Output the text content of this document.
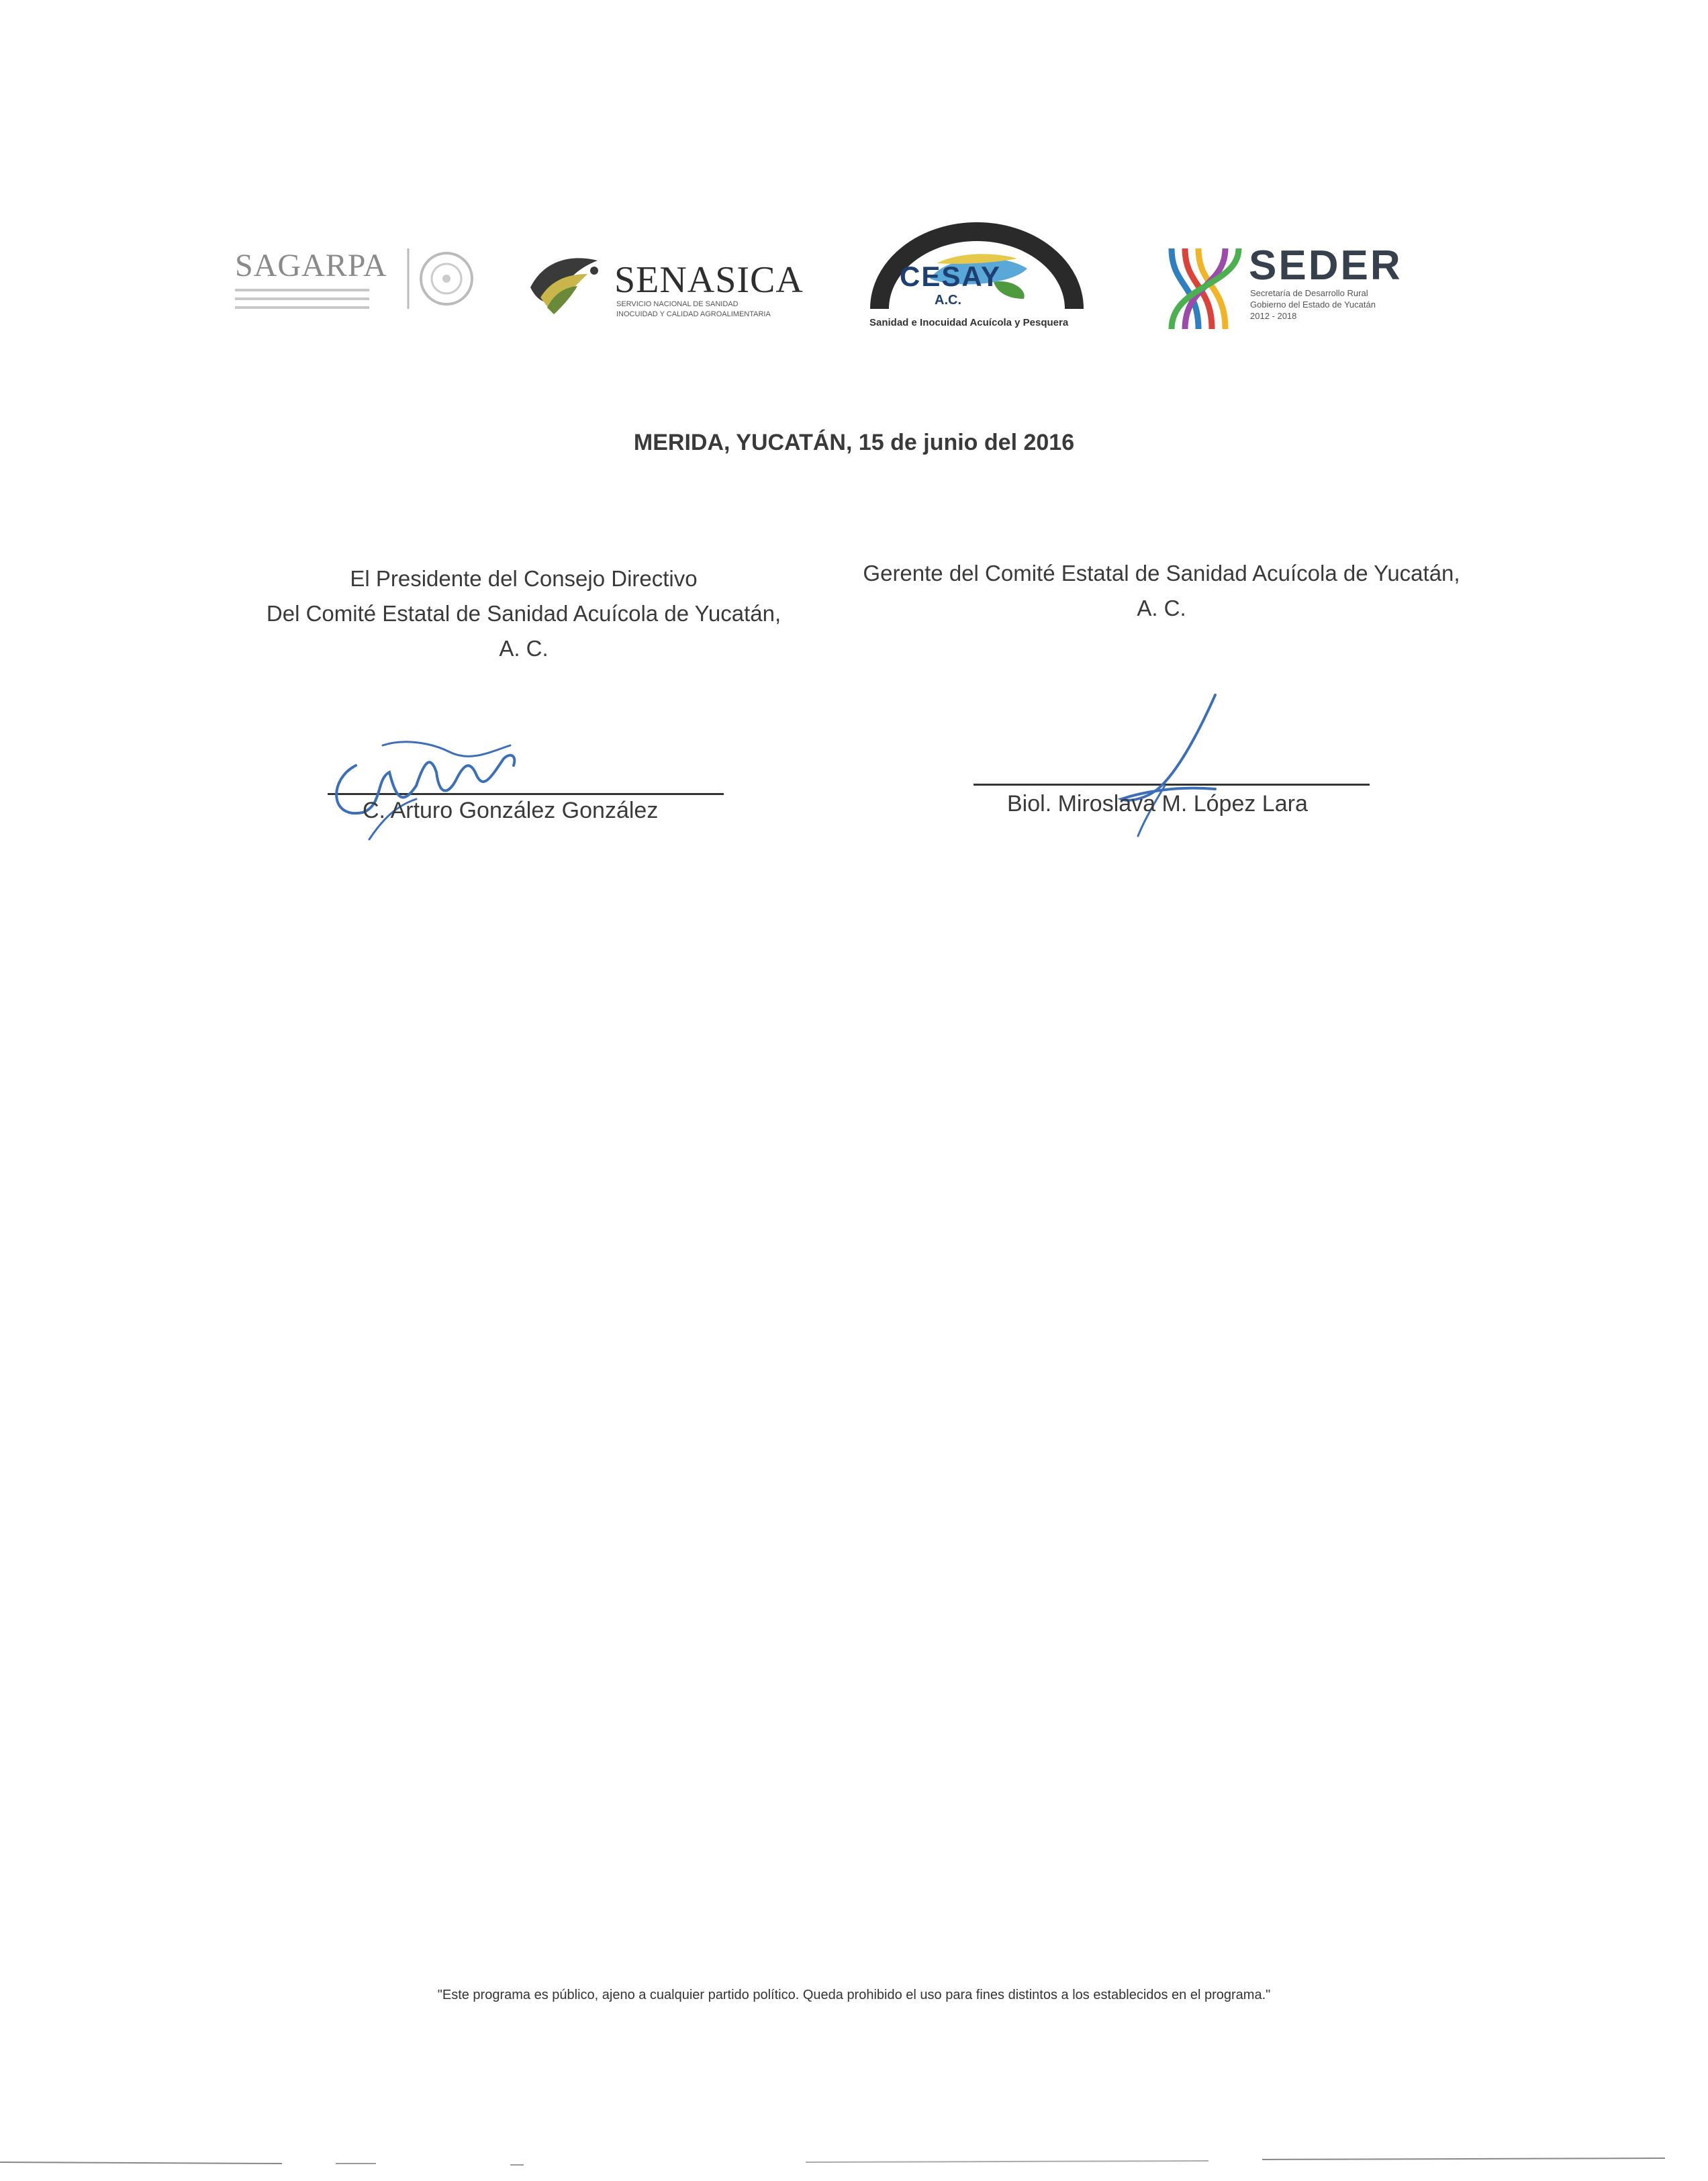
SAGARPA	SENASICA
SERVICIO NACIONAL DE SANIDAD
INOCUIDAD Y CALIDAD AGROALIMENTARIA
CESAY
A.C.
Sanidad e Inocuidad Acuícola y Pesquera
SEDER
Secretaría de Desarrollo Rural
Gobierno del Estado de Yucatán
2012 - 2018
MERIDA, YUCATÁN, 15 de junio del 2016
El Presidente del Consejo Directivo
Del Comité Estatal de Sanidad Acuícola de Yucatán,
A. C.
Gerente del Comité Estatal de Sanidad Acuícola de Yucatán,
A. C.
C. Arturo González González	Biol. Miroslava M. López Lara
"Este programa es público, ajeno a cualquier partido político. Queda prohibido el uso para fines distintos a los establecidos en el programa."
